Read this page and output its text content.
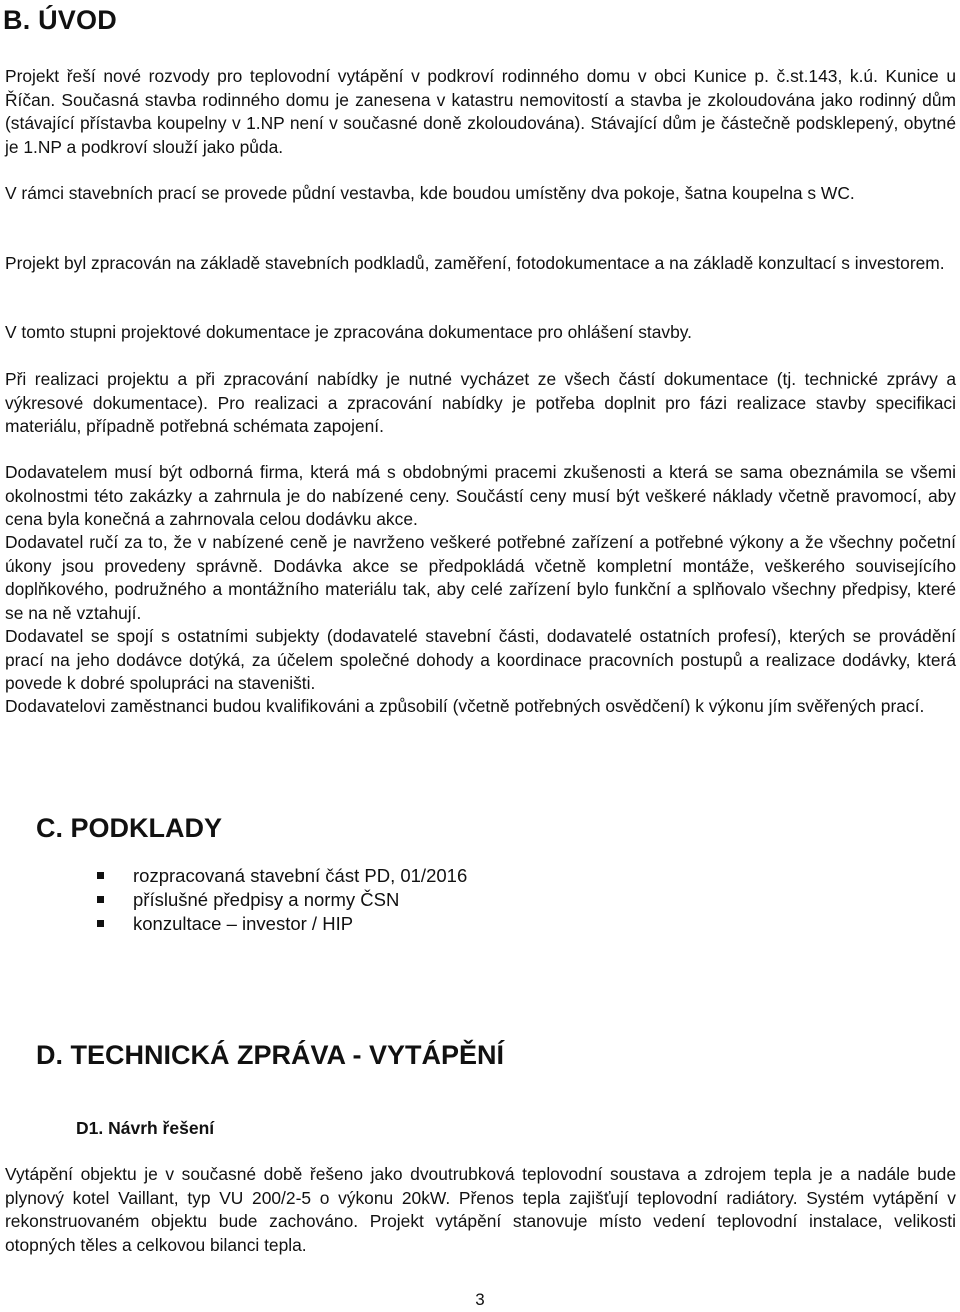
B. ÚVOD

Projekt řeší nové rozvody pro teplovodní vytápění v podkroví rodinného domu v obci Kunice p. č.st.143, k.ú. Kunice u Říčan. Současná stavba rodinného domu je zanesena v katastru nemovitostí a stavba je zkoloudována jako rodinný dům (stávající přístavba koupelny v 1.NP není v současné doně zkoloudována). Stávající dům je částečně podsklepený, obytné je 1.NP a podkroví slouží jako půda.

V rámci stavebních prací se provede půdní vestavba, kde boudou umístěny dva pokoje, šatna koupelna s WC.

Projekt byl zpracován na základě stavebních podkladů, zaměření, fotodokumentace a na základě konzultací s investorem.

V tomto stupni projektové dokumentace je zpracována dokumentace pro ohlášení stavby.

Při realizaci projektu a při zpracování nabídky je nutné vycházet ze všech částí dokumentace (tj. technické zprávy a výkresové dokumentace). Pro realizaci a zpracování nabídky je potřeba doplnit pro fázi realizace stavby specifikaci materiálu, případně potřebná schémata zapojení.

Dodavatelem musí být odborná firma, která má s obdobnými pracemi zkušenosti a která se sama obeznámila se všemi okolnostmi této zakázky a zahrnula je do nabízené ceny. Součástí ceny musí být veškeré náklady včetně pravomocí, aby cena byla konečná a zahrnovala celou dodávku akce.

Dodavatel ručí za to, že v nabízené ceně je navrženo veškeré potřebné zařízení a potřebné výkony a že všechny početní úkony jsou provedeny správně. Dodávka akce se předpokládá včetně kompletní montáže, veškerého souvisejícího doplňkového, podružného a montážního materiálu tak, aby celé zařízení bylo funkční a splňovalo všechny předpisy, které se na ně vztahují.

Dodavatel se spojí s ostatními subjekty (dodavatelé stavební části, dodavatelé ostatních profesí), kterých se provádění prací na jeho dodávce dotýká, za účelem společné dohody a koordinace pracovních postupů a realizace dodávky, která povede k dobré spolupráci na staveništi.

Dodavatelovi zaměstnanci budou kvalifikováni a způsobilí (včetně potřebných osvědčení) k výkonu jím svěřených prací.

C. PODKLADY
rozpracovaná stavební část PD, 01/2016
příslušné předpisy a normy ČSN
konzultace – investor / HIP
D. TECHNICKÁ ZPRÁVA - VYTÁPĚNÍ
D1. Návrh řešení

Vytápění objektu je v současné době řešeno jako dvoutrubková teplovodní soustava a zdrojem tepla je a nadále bude plynový kotel Vaillant, typ VU 200/2-5 o výkonu 20kW. Přenos tepla zajišťují teplovodní radiátory. Systém vytápění v rekonstruovaném objektu bude zachováno. Projekt vytápění stanovuje místo vedení teplovodní instalace, velikosti otopných těles a celkovou bilanci tepla.

3
